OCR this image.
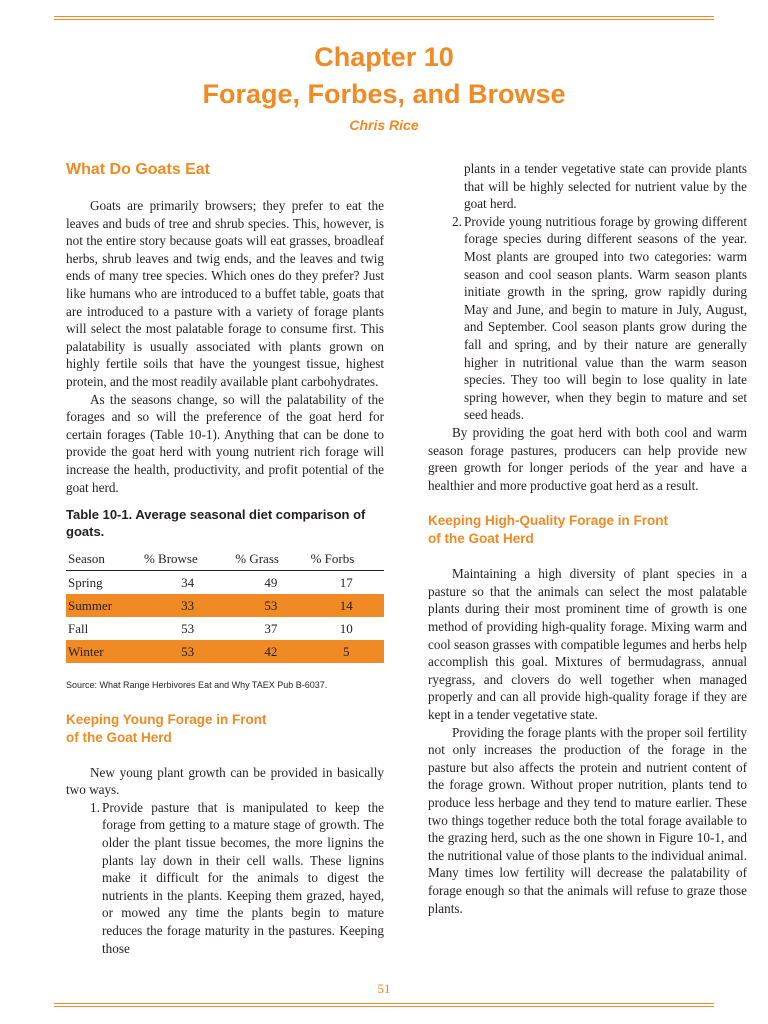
Chapter 10
Forage, Forbes, and Browse
Chris Rice
What Do Goats Eat

Goats are primarily browsers; they prefer to eat the leaves and buds of tree and shrub species. This, however, is not the entire story because goats will eat grasses, broadleaf herbs, shrub leaves and twig ends, and the leaves and twig ends of many tree species. Which ones do they prefer? Just like humans who are introduced to a buffet table, goats that are introduced to a pasture with a variety of forage plants will select the most palatable forage to consume first. This palatability is usually associated with plants grown on highly fertile soils that have the youngest tissue, highest protein, and the most readily available plant carbohydrates.

As the seasons change, so will the palatability of the forages and so will the preference of the goat herd for certain forages (Table 10-1). Anything that can be done to provide the goat herd with young nutrient rich forage will increase the health, productivity, and profit potential of the goat herd.

Table 10-1. Average seasonal diet comparison of goats.
Season	% Browse	% Grass	% Forbs
Spring	34	49	17
Summer	33	53	14
Fall	53	37	10
Winter	53	42	5
Source: What Range Herbivores Eat and Why TAEX Pub B-6037.
Keeping Young Forage in Front
of the Goat Herd

New young plant growth can be provided in basically two ways.

1. Provide pasture that is manipulated to keep the forage from getting to a mature stage of growth. The older the plant tissue becomes, the more lignins the plants lay down in their cell walls. These lignins make it difficult for the animals to digest the nutrients in the plants. Keeping them grazed, hayed, or mowed any time the plants begin to mature reduces the forage maturity in the pastures. Keeping those
plants in a tender vegetative state can provide plants that will be highly selected for nutrient value by the goat herd.
2. Provide young nutritious forage by growing different forage species during different seasons of the year. Most plants are grouped into two categories: warm season and cool season plants. Warm season plants initiate growth in the spring, grow rapidly during May and June, and begin to mature in July, August, and September. Cool season plants grow during the fall and spring, and by their nature are generally higher in nutritional value than the warm season species. They too will begin to lose quality in late spring however, when they begin to mature and set seed heads.

By providing the goat herd with both cool and warm season forage pastures, producers can help provide new green growth for longer periods of the year and have a healthier and more productive goat herd as a result.

Keeping High-Quality Forage in Front
of the Goat Herd

Maintaining a high diversity of plant species in a pasture so that the animals can select the most palatable plants during their most prominent time of growth is one method of providing high-quality forage. Mixing warm and cool season grasses with compatible legumes and herbs help accomplish this goal. Mixtures of bermudagrass, annual ryegrass, and clovers do well together when managed properly and can all provide high-quality forage if they are kept in a tender vegetative state.

Providing the forage plants with the proper soil fertility not only increases the production of the forage in the pasture but also affects the protein and nutrient content of the forage grown. Without proper nutrition, plants tend to produce less herbage and they tend to mature earlier. These two things together reduce both the total forage available to the grazing herd, such as the one shown in Figure 10-1, and the nutritional value of those plants to the individual animal. Many times low fertility will decrease the palatability of forage enough so that the animals will refuse to graze those plants.

51
